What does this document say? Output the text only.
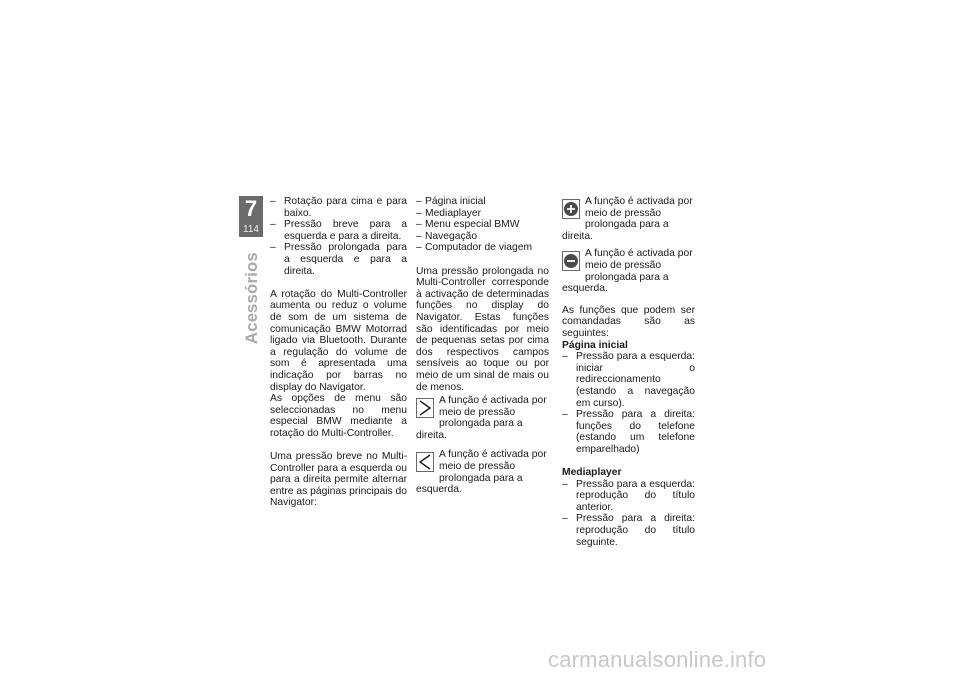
7
114
Acessórios
– Rotação para cima e para baixo.
– Pressão breve para a esquerda e para a direita.
– Pressão prolongada para a esquerda e para a direita.

A rotação do Multi-Controller aumenta ou reduz o volume de som de um sistema de comunicação BMW Motorrad ligado via Bluetooth. Durante a regulação do volume de som é apresentada uma indicação por barras no display do Navigator.

As opções de menu são seleccionadas no menu especial BMW mediante a rotação do Multi-Controller.

Uma pressão breve no Multi-Controller para a esquerda ou para a direita permite alternar entre as páginas principais do Navigator:

– Página inicial
– Mediaplayer
– Menu especial BMW
– Navegação
– Computador de viagem

Uma pressão prolongada no Multi-Controller corresponde à activação de determinadas funções no display do Navigator. Estas funções são identificadas por meio de pequenas setas por cima dos respectivos campos sensíveis ao toque ou por meio de um sinal de mais ou de menos.

A função é activada por meio de pressão prolongada para a direita.

A função é activada por meio de pressão prolongada para a esquerda.

A função é activada por meio de pressão prolongada para a direita.

A função é activada por meio de pressão prolongada para a esquerda.

As funções que podem ser comandadas são as seguintes:

Página inicial

– Pressão para a esquerda: iniciar o redireccionamento (estando a navegação em curso).
– Pressão para a direita: funções do telefone (estando um telefone emparelhado)

Mediaplayer

– Pressão para a esquerda: reprodução do título anterior.
– Pressão para a direita: reprodução do título seguinte.
carmanualsonline.info
